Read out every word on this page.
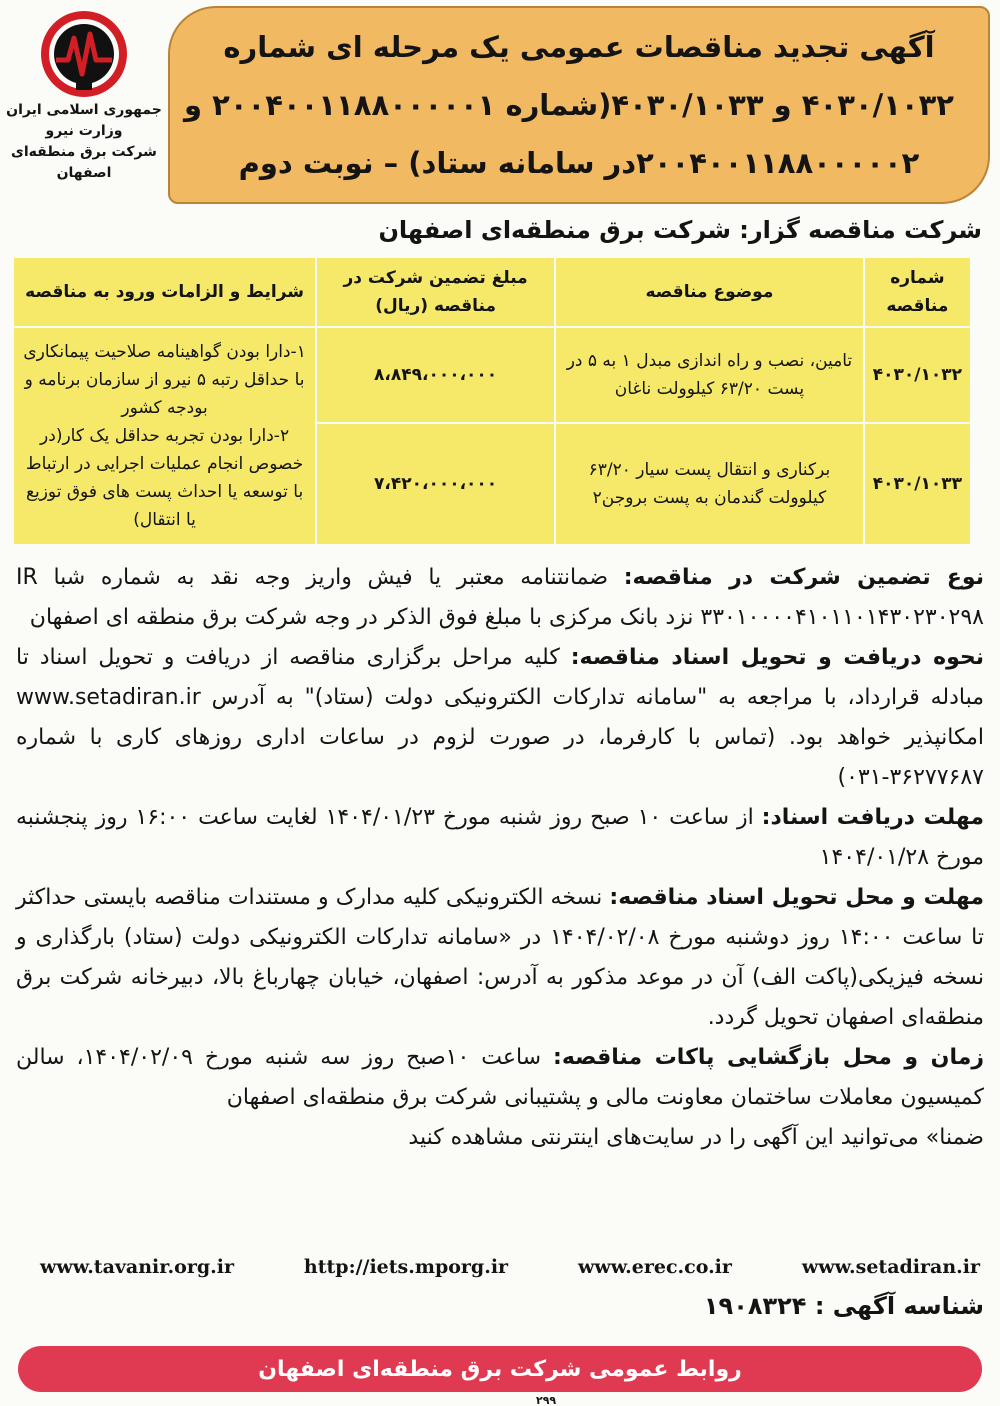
جمهوری اسلامی ایران
وزارت نیرو
شرکت برق منطقه‌ای اصفهان
آگهی تجدید مناقصات عمومی یک مرحله ای شماره
۴۰۳۰/۱۰۳۲ و ۴۰۳۰/۱۰۳۳(شماره ۲۰۰۴۰۰۱۱۸۸۰۰۰۰۰۱ و
۲۰۰۴۰۰۱۱۸۸۰۰۰۰۰۲در سامانه ستاد) – نوبت دوم
شرکت مناقصه گزار: شرکت برق منطقه‌ای اصفهان
شماره مناقصه	موضوع مناقصه	مبلغ تضمین شرکت در مناقصه (ریال)	شرایط و الزامات ورود به مناقصه
۴۰۳۰/۱۰۳۲	تامین، نصب و راه اندازی مبدل ۱ به ۵ در پست ۶۳/۲۰ کیلوولت ناغان	۸،۸۴۹،۰۰۰،۰۰۰	۱-دارا بودن گواهینامه صلاحیت پیمانکاری با حداقل رتبه ۵ نیرو از سازمان برنامه و بودجه کشور
۲-دارا بودن تجربه حداقل یک کار(در خصوص انجام عملیات اجرایی در ارتباط با توسعه یا احداث پست های فوق توزیع یا انتقال)

۴۰۳۰/۱۰۳۳	برکناری و انتقال پست سیار ۶۳/۲۰ کیلوولت گندمان به پست بروجن۲	۷،۴۲۰،۰۰۰،۰۰۰	

نوع تضمین شرکت در مناقصه: ضمانتنامه معتبر یا فیش واریز وجه نقد به شماره شبا IR ۳۳۰۱۰۰۰۰۴۱۰۱۱۰۱۴۳۰۲۳۰۲۹۸ نزد بانک مرکزی با مبلغ فوق الذکر در وجه شرکت برق منطقه ای اصفهان

نحوه دریافت و تحویل اسناد مناقصه: کلیه مراحل برگزاری مناقصه از دریافت و تحویل اسناد تا مبادله قرارداد، با مراجعه به "سامانه تدارکات الکترونیکی دولت (ستاد)" به آدرس www.setadiran.ir امکانپذیر خواهد بود. (تماس با کارفرما، در صورت لزوم در ساعات اداری روزهای کاری با شماره ۰۳۱-۳۶۲۷۷۶۸۷)

مهلت دریافت اسناد: از ساعت ۱۰ صبح روز شنبه مورخ ۱۴۰۴/۰۱/۲۳ لغایت ساعت ۱۶:۰۰ روز پنجشنبه مورخ ۱۴۰۴/۰۱/۲۸

مهلت و محل تحویل اسناد مناقصه: نسخه الکترونیکی کلیه مدارک و مستندات مناقصه بایستی حداکثر تا ساعت ۱۴:۰۰ روز دوشنبه مورخ ۱۴۰۴/۰۲/۰۸ در «سامانه تدارکات الکترونیکی دولت (ستاد) بارگذاری و نسخه فیزیکی(پاکت الف) آن در موعد مذکور به آدرس: اصفهان، خیابان چهارباغ بالا، دبیرخانه شرکت برق منطقه‌ای اصفهان تحویل گردد.

زمان و محل بازگشایی پاکات مناقصه: ساعت ۱۰صبح روز سه شنبه مورخ ۱۴۰۴/۰۲/۰۹، سالن کمیسیون معاملات ساختمان معاونت مالی و پشتیبانی شرکت برق منطقه‌ای اصفهان

ضمنا» می‌توانید این آگهی را در سایت‌های اینترنتی مشاهده کنید

www.tavanir.org.ir	http://iets.mporg.ir	www.erec.co.ir	www.setadiran.ir
شناسه آگهی : ۱۹۰۸۳۲۴
روابط عمومی شرکت برق منطقه‌ای اصفهان
۲۹۹
